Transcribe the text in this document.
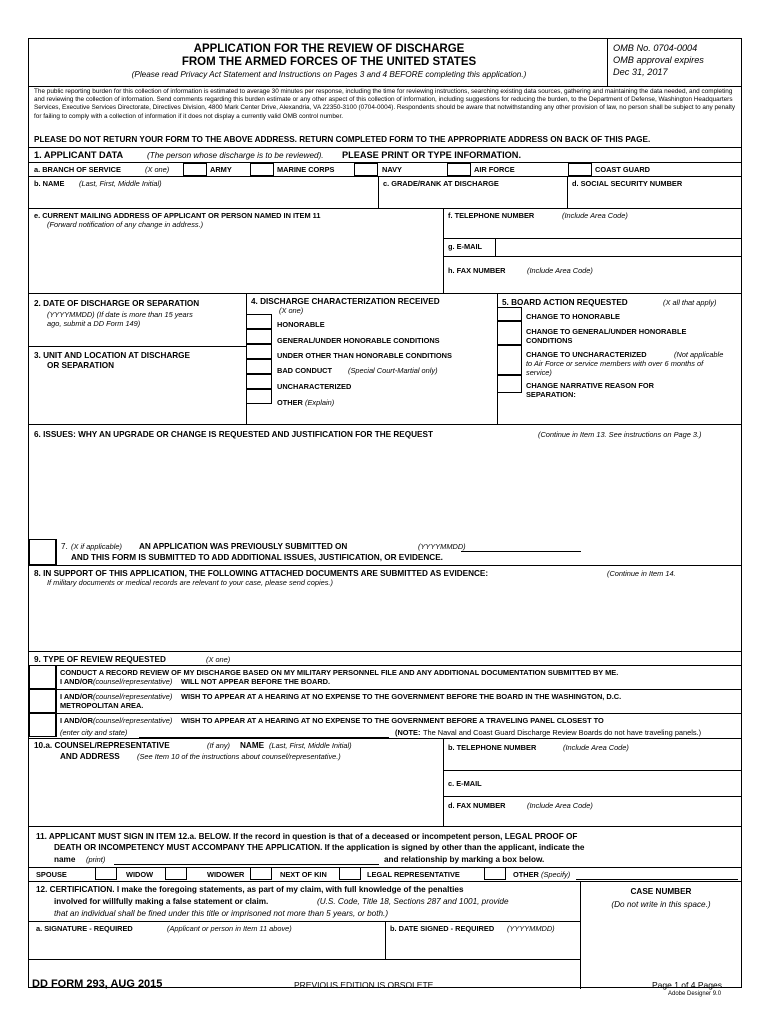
APPLICATION FOR THE REVIEW OF DISCHARGE
FROM THE ARMED FORCES OF THE UNITED STATES
(Please read Privacy Act Statement and Instructions on Pages 3 and 4 BEFORE completing this application.)
OMB No. 0704-0004
OMB approval expires
Dec 31, 2017
The public reporting burden for this collection of information is estimated to average 30 minutes per response, including the time for reviewing instructions, searching existing data sources, gathering and maintaining the data needed, and completing and reviewing the collection of information. Send comments regarding this burden estimate or any other aspect of this collection of information, including suggestions for reducing the burden, to the Department of Defense, Washington Headquarters Services, Executive Services Directorate, Directives Division, 4800 Mark Center Drive, Alexandria, VA 22350-3100 (0704-0004). Respondents should be aware that notwithstanding any other provision of law, no person shall be subject to any penalty for failing to comply with a collection of information if it does not display a currently valid OMB control number.
PLEASE DO NOT RETURN YOUR FORM TO THE ABOVE ADDRESS. RETURN COMPLETED FORM TO THE APPROPRIATE ADDRESS ON BACK OF THIS PAGE.
1. APPLICANT DATA	(The person whose discharge is to be reviewed). PLEASE PRINT OR TYPE INFORMATION.
a. BRANCH OF SERVICE	(X one)	ARMY	MARINE CORPS	NAVY	AIR FORCE	COAST GUARD
b. NAME (Last, First, Middle Initial)	c. GRADE/RANK AT DISCHARGE	d. SOCIAL SECURITY NUMBER
e. CURRENT MAILING ADDRESS OF APPLICANT OR PERSON NAMED IN ITEM 11
(Forward notification of any change in address.)
f. TELEPHONE NUMBER	(Include Area Code)
g. E-MAIL
h. FAX NUMBER	(Include Area Code)
2. DATE OF DISCHARGE OR SEPARATION
(YYYYMMDD) (If date is more than 15 years
ago, submit a DD Form 149)
3. UNIT AND LOCATION AT DISCHARGE
OR SEPARATION
4. DISCHARGE CHARACTERIZATION RECEIVED
(X one)
HONORABLE
GENERAL/UNDER HONORABLE CONDITIONS
UNDER OTHER THAN HONORABLE CONDITIONS
BAD CONDUCT (Special Court-Martial only)
UNCHARACTERIZED
OTHER (Explain)
5. BOARD ACTION REQUESTED	(X all that apply)
CHANGE TO HONORABLE
CHANGE TO GENERAL/UNDER HONORABLE
CONDITIONS
CHANGE TO UNCHARACTERIZED	(Not applicable
to Air Force or service members with over 6 months of
service)
CHANGE NARRATIVE REASON FOR
SEPARATION:
6. ISSUES: WHY AN UPGRADE OR CHANGE IS REQUESTED AND JUSTIFICATION FOR THE REQUEST	(Continue in Item 13. See instructions on Page 3.)
7. (X if applicable) AN APPLICATION WAS PREVIOUSLY SUBMITTED ON	(YYYYMMDD)
AND THIS FORM IS SUBMITTED TO ADD ADDITIONAL ISSUES, JUSTIFICATION, OR EVIDENCE.
8. IN SUPPORT OF THIS APPLICATION, THE FOLLOWING ATTACHED DOCUMENTS ARE SUBMITTED AS EVIDENCE:	(Continue in Item 14.
If military documents or medical records are relevant to your case, please send copies.)
9. TYPE OF REVIEW REQUESTED	(X one)
CONDUCT A RECORD REVIEW OF MY DISCHARGE BASED ON MY MILITARY PERSONNEL FILE AND ANY ADDITIONAL DOCUMENTATION SUBMITTED BY ME.
I AND/OR (counsel/representative) WILL NOT APPEAR BEFORE THE BOARD.
I AND/OR (counsel/representative) WISH TO APPEAR AT A HEARING AT NO EXPENSE TO THE GOVERNMENT BEFORE THE BOARD IN THE WASHINGTON, D.C.
METROPOLITAN AREA.
I AND/OR (counsel/representative) WISH TO APPEAR AT A HEARING AT NO EXPENSE TO THE GOVERNMENT BEFORE A TRAVELING PANEL CLOSEST TO
(enter city and state)	(NOTE: The Naval and Coast Guard Discharge Review Boards do not have traveling panels.)
10.a. COUNSEL/REPRESENTATIVE	(If any) NAME (Last, First, Middle Initial)
AND ADDRESS (See Item 10 of the instructions about counsel/representative.)
b. TELEPHONE NUMBER	(Include Area Code)
c. E-MAIL
d. FAX NUMBER	(Include Area Code)
11. APPLICANT MUST SIGN IN ITEM 12.a. BELOW. If the record in question is that of a deceased or incompetent person, LEGAL PROOF OF
DEATH OR INCOMPETENCY MUST ACCOMPANY THE APPLICATION. If the application is signed by other than the applicant, indicate the
name (print)	and relationship by marking a box below.
SPOUSE	WIDOW	WIDOWER	NEXT OF KIN	LEGAL REPRESENTATIVE	OTHER (Specify)
12. CERTIFICATION. I make the foregoing statements, as part of my claim, with full knowledge of the penalties
involved for willfully making a false statement or claim.	(U.S. Code, Title 18, Sections 287 and 1001, provide
that an individual shall be fined under this title or imprisoned not more than 5 years, or both.)
CASE NUMBER
(Do not write in this space.)
a. SIGNATURE - REQUIRED	(Applicant or person in Item 11 above)	b. DATE SIGNED - REQUIRED (YYYYMMDD)
DD FORM 293, AUG 2015	PREVIOUS EDITION IS OBSOLETE.	Page 1 of 4 Pages
Adobe Designer 9.0
